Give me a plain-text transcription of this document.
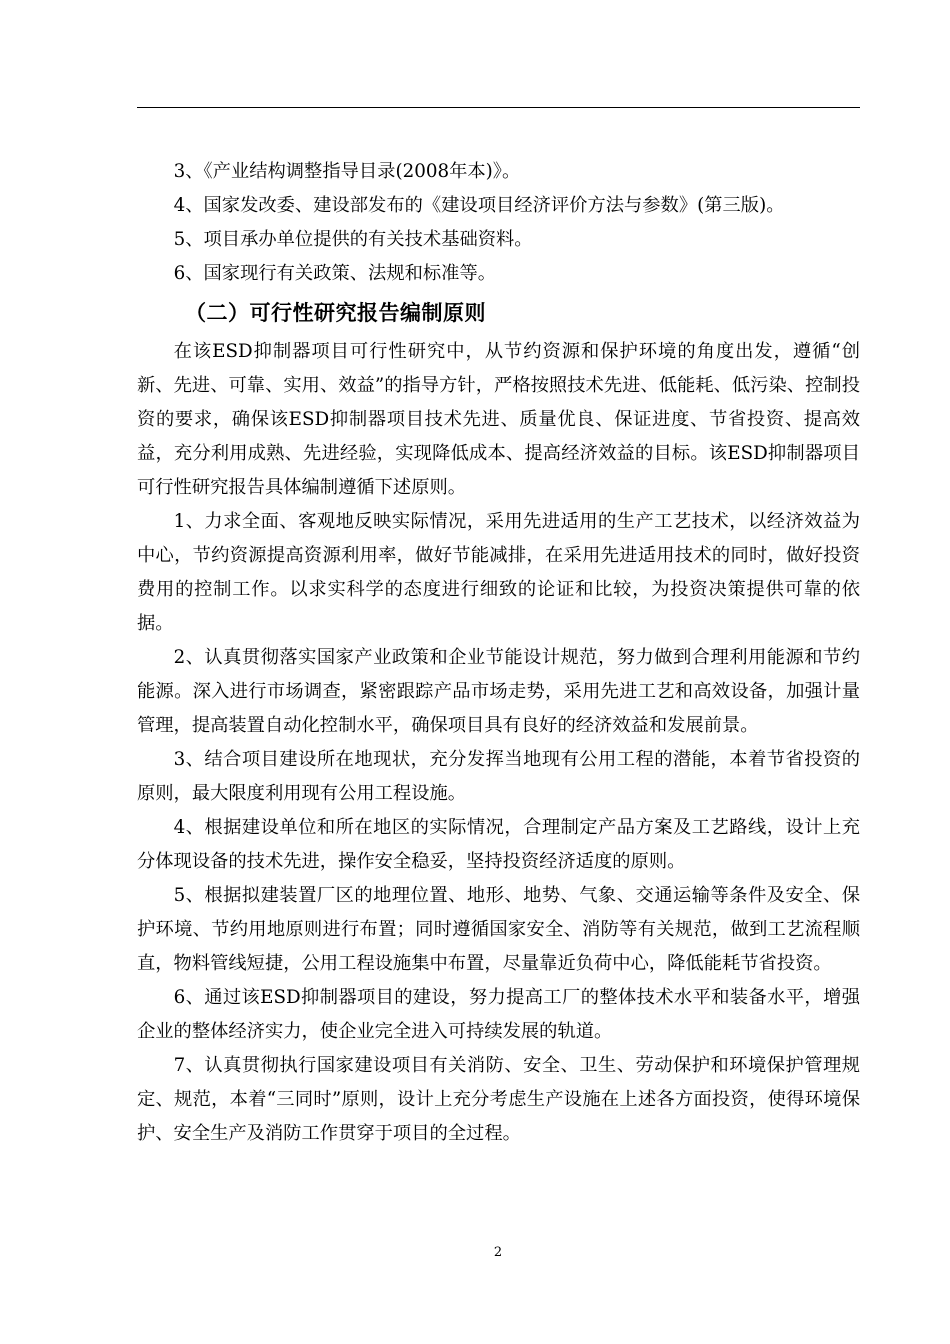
3、《产业结构调整指导目录(2008年本)》。

4、国家发改委、建设部发布的《建设项目经济评价方法与参数》(第三版)。

5、项目承办单位提供的有关技术基础资料。

6、国家现行有关政策、法规和标准等。

（二）可行性研究报告编制原则

在该ESD抑制器项目可行性研究中，从节约资源和保护环境的角度出发，遵循“创新、先进、可靠、实用、效益”的指导方针，严格按照技术先进、低能耗、低污染、控制投资的要求，确保该ESD抑制器项目技术先进、质量优良、保证进度、节省投资、提高效益，充分利用成熟、先进经验，实现降低成本、提高经济效益的目标。该ESD抑制器项目可行性研究报告具体编制遵循下述原则。

1、力求全面、客观地反映实际情况，采用先进适用的生产工艺技术，以经济效益为中心，节约资源提高资源利用率，做好节能减排，在采用先进适用技术的同时，做好投资费用的控制工作。以求实科学的态度进行细致的论证和比较，为投资决策提供可靠的依据。

2、认真贯彻落实国家产业政策和企业节能设计规范，努力做到合理利用能源和节约能源。深入进行市场调查，紧密跟踪产品市场走势，采用先进工艺和高效设备，加强计量管理，提高装置自动化控制水平，确保项目具有良好的经济效益和发展前景。

3、结合项目建设所在地现状，充分发挥当地现有公用工程的潜能，本着节省投资的原则，最大限度利用现有公用工程设施。

4、根据建设单位和所在地区的实际情况，合理制定产品方案及工艺路线，设计上充分体现设备的技术先进，操作安全稳妥，坚持投资经济适度的原则。

5、根据拟建装置厂区的地理位置、地形、地势、气象、交通运输等条件及安全、保护环境、节约用地原则进行布置；同时遵循国家安全、消防等有关规范，做到工艺流程顺直，物料管线短捷，公用工程设施集中布置，尽量靠近负荷中心，降低能耗节省投资。

6、通过该ESD抑制器项目的建设，努力提高工厂的整体技术水平和装备水平，增强企业的整体经济实力，使企业完全进入可持续发展的轨道。

7、认真贯彻执行国家建设项目有关消防、安全、卫生、劳动保护和环境保护管理规定、规范，本着“三同时”原则，设计上充分考虑生产设施在上述各方面投资，使得环境保护、安全生产及消防工作贯穿于项目的全过程。

2
